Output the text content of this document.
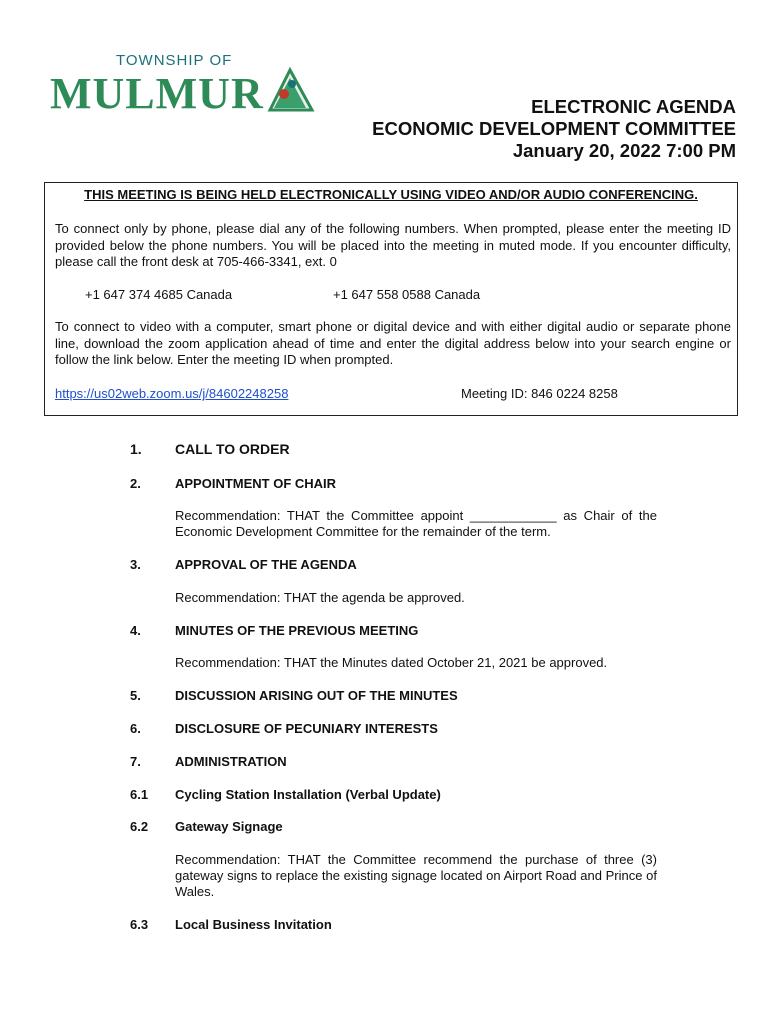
TOWNSHIP OF
MULMUR	ELECTRONIC AGENDA
ECONOMIC DEVELOPMENT COMMITTEE
January 20, 2022 7:00 PM
THIS MEETING IS BEING HELD ELECTRONICALLY USING VIDEO AND/OR AUDIO CONFERENCING.

To connect only by phone, please dial any of the following numbers. When prompted, please enter the meeting ID provided below the phone numbers. You will be placed into the meeting in muted mode. If you encounter difficulty, please call the front desk at 705-466-3341, ext. 0

+1 647 374 4685 Canada	+1 647 558 0588 Canada

To connect to video with a computer, smart phone or digital device and with either digital audio or separate phone line, download the zoom application ahead of time and enter the digital address below into your search engine or follow the link below. Enter the meeting ID when prompted.

https://us02web.zoom.us/j/84602248258	Meeting ID: 846 0224 8258
1. CALL TO ORDER
2.	APPOINTMENT OF CHAIR
Recommendation: THAT the Committee appoint ____________ as Chair of the Economic Development Committee for the remainder of the term.
3.	APPROVAL OF THE AGENDA
Recommendation: THAT the agenda be approved.
4.	MINUTES OF THE PREVIOUS MEETING
Recommendation: THAT the Minutes dated October 21, 2021 be approved.
5.	DISCUSSION ARISING OUT OF THE MINUTES
6.	DISCLOSURE OF PECUNIARY INTERESTS
7.	ADMINISTRATION
6.1 Cycling Station Installation (Verbal Update)
6.2 Gateway Signage
Recommendation: THAT the Committee recommend the purchase of three (3) gateway signs to replace the existing signage located on Airport Road and Prince of Wales.
6.3 Local Business Invitation
